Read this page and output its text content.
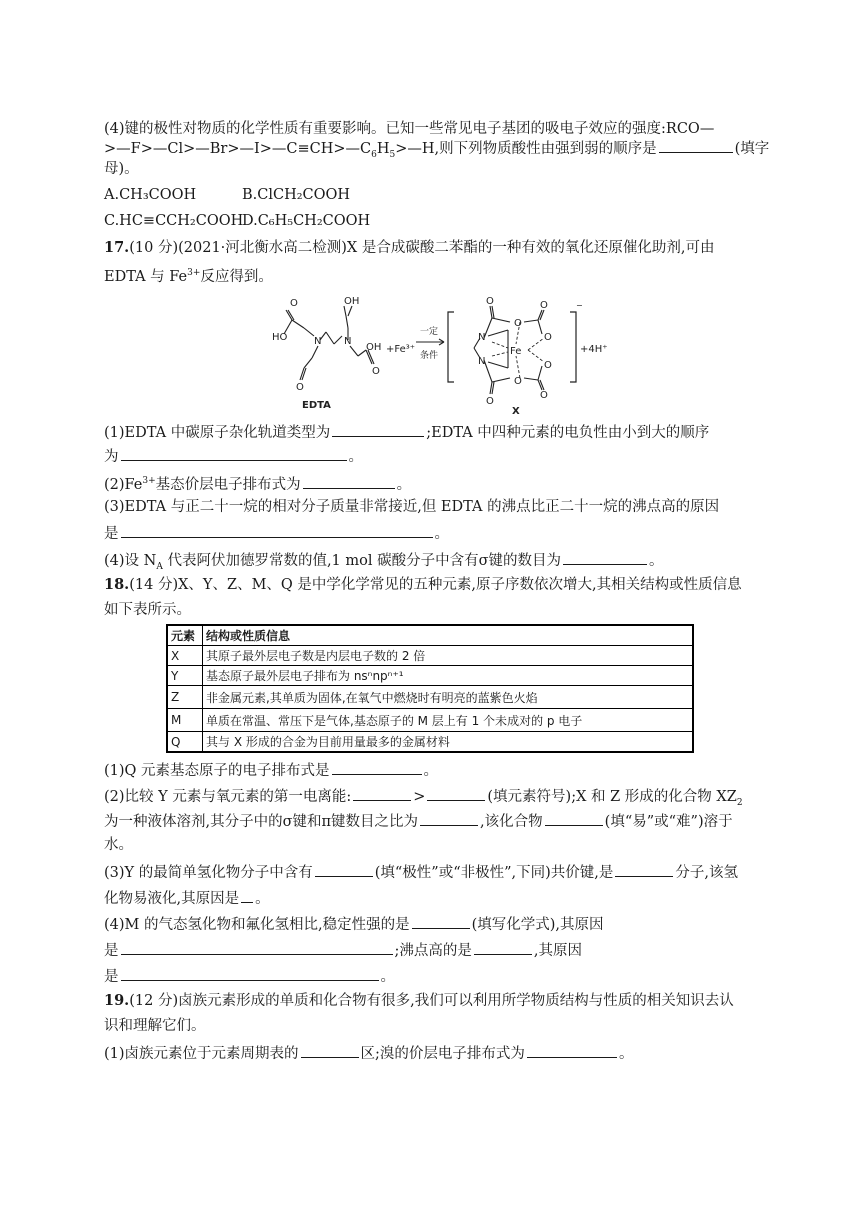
(4)键的极性对物质的化学性质有重要影响。已知一些常见电子基团的吸电子效应的强度:RCO—
$>—F>—Cl>—Br>—I>—C\equiv CH>—C_6H_5>—H$,则下列物质酸性由强到弱的顺序是	(填字
母)。
A.CH₃COOH	B.ClCH₂COOH
C.HC≡CCH₂COOHD.C₆H₅CH₂COOH
17.(10 分)(2021·河北衡水高二检测)X 是合成碳酸二苯酯的一种有效的氧化还原催化助剂,可由
EDTA 与 $Fe^{3+}$反应得到。
HO
O
N N
OH
OH
O
O
EDTA
+Fe³⁺
一定
条件
N
N
Fe
O
O
O
O
O
O
O
O
−
+4H⁺
X
(1)EDTA 中碳原子杂化轨道类型为	;EDTA 中四种元素的电负性由小到大的顺序
为	。
$(2)Fe^{3+}$基态价层电子排布式为	。
(3)EDTA 与正二十一烷的相对分子质量非常接近,但 EDTA 的沸点比正二十一烷的沸点高的原因
是	。
(4)设 $N_A$ 代表阿伏加德罗常数的值,1 mol 碳酸分子中含有σ键的数目为	。
18.(14 分)X、Y、Z、M、Q 是中学化学常见的五种元素,原子序数依次增大,其相关结构或性质信息
如下表所示。
元素	结构或性质信息
X	其原子最外层电子数是内层电子数的 2 倍
Y	基态原子最外层电子排布为 nsⁿnpⁿ⁺¹
Z	非金属元素,其单质为固体,在氧气中燃烧时有明亮的蓝紫色火焰
M	单质在常温、常压下是气体,基态原子的 M 层上有 1 个未成对的 p 电子
Q	其与 X 形成的合金为目前用量最多的金属材料
(1)Q 元素基态原子的电子排布式是	。
(2)比较 Y 元素与氧元素的第一电离能:	>	(填元素符号);X 和 Z 形成的化合物 $XZ_2$
为一种液体溶剂,其分子中的σ键和π键数目之比为	,该化合物	(填“易”或“难”)溶于
水。
(3)Y 的最简单氢化物分子中含有	(填“极性”或“非极性”,下同)共价键,是	分子,该氢
化物易液化,其原因是 。
(4)M 的气态氢化物和氟化氢相比,稳定性强的是	(填写化学式),其原因
是	;沸点高的是	,其原因
是	。
19.(12 分)卤族元素形成的单质和化合物有很多,我们可以利用所学物质结构与性质的相关知识去认
识和理解它们。
(1)卤族元素位于元素周期表的	区;溴的价层电子排布式为	。
